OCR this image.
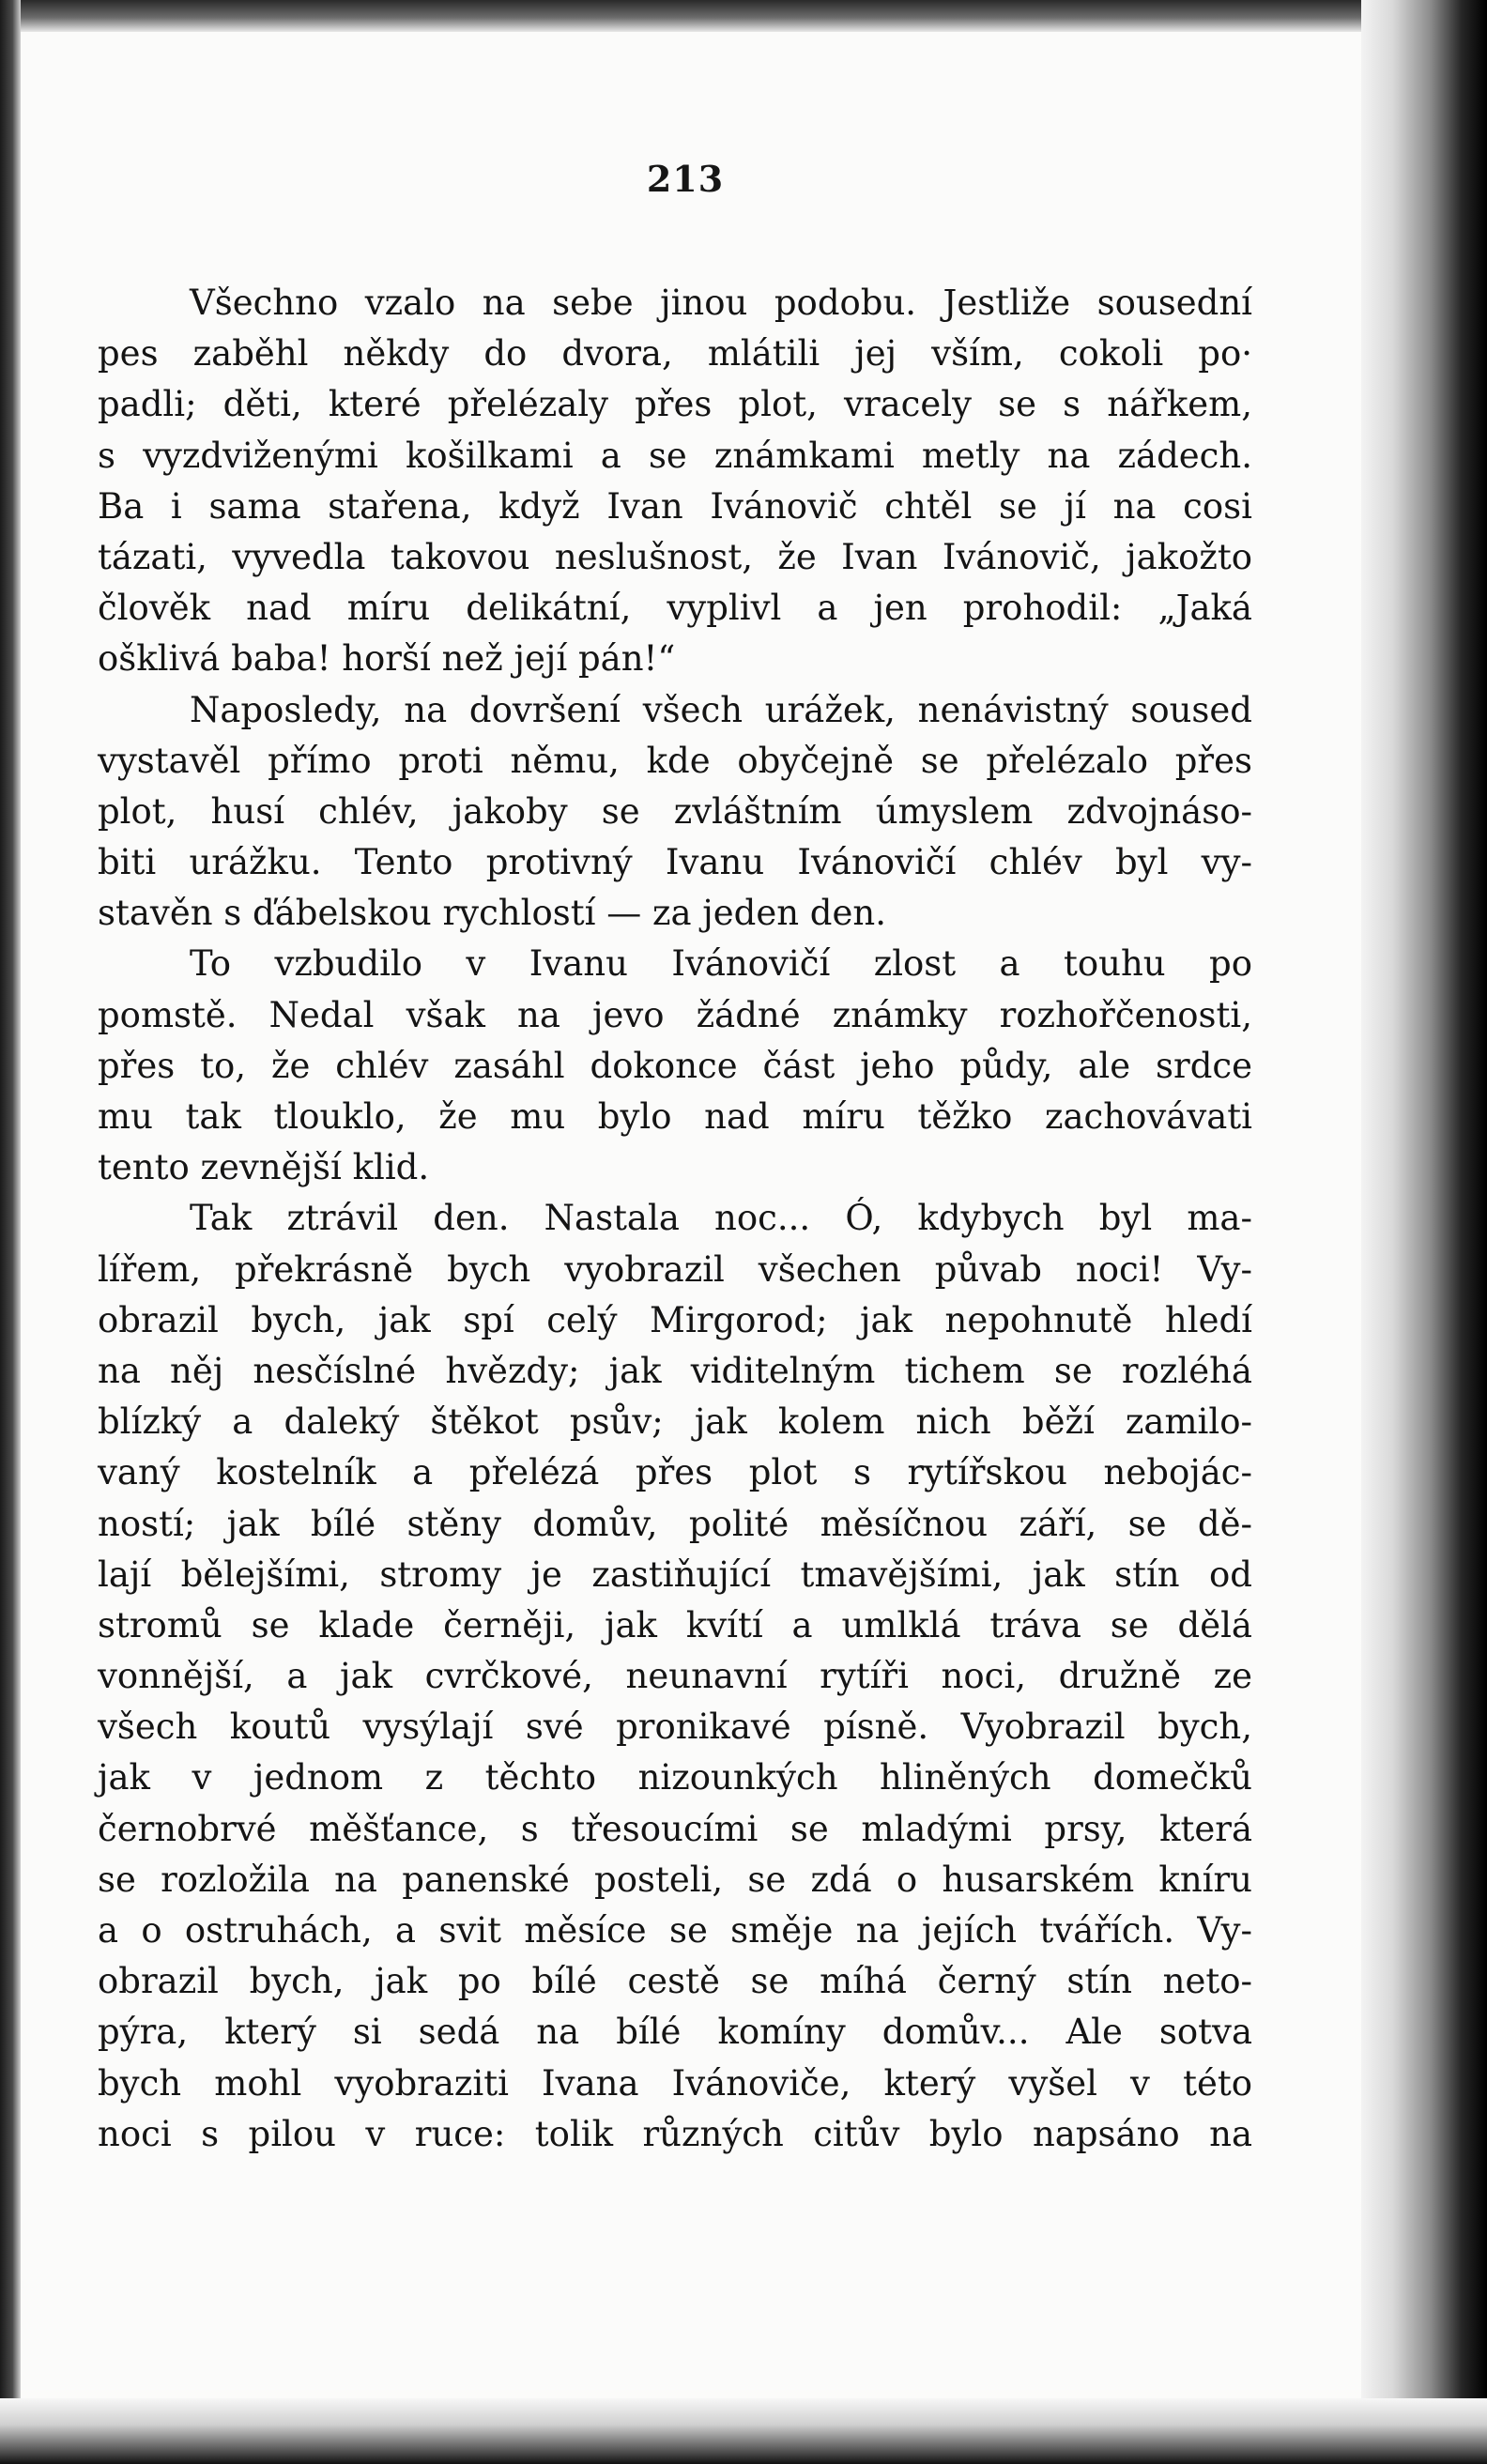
213
Všechno vzalo na sebe jinou podobu. Jestliže sousední
pes zaběhl někdy do dvora, mlátili jej vším, cokoli po·
padli; děti, které přelézaly přes plot, vracely se s nářkem,
s vyzdviženými košilkami a se známkami metly na zádech.
Ba i sama stařena, když Ivan Ivánovič chtěl se jí na cosi
tázati, vyvedla takovou neslušnost, že Ivan Ivánovič, jakožto
člověk nad míru delikátní, vyplivl a jen prohodil: „Jaká
ošklivá baba! horší než její pán!“
Naposledy, na dovršení všech urážek, nenávistný soused
vystavěl přímo proti němu, kde obyčejně se přelézalo přes
plot, husí chlév, jakoby se zvláštním úmyslem zdvojnáso-
biti urážku. Tento protivný Ivanu Ivánovičí chlév byl vy-
stavěn s ďábelskou rychlostí — za jeden den.
To vzbudilo v Ivanu Ivánovičí zlost a touhu po
pomstě. Nedal však na jevo žádné známky rozhořčenosti,
přes to, že chlév zasáhl dokonce část jeho půdy, ale srdce
mu tak tlouklo, že mu bylo nad míru těžko zachovávati
tento zevnější klid.
Tak ztrávil den. Nastala noc... Ó, kdybych byl ma-
lířem, překrásně bych vyobrazil všechen půvab noci! Vy-
obrazil bych, jak spí celý Mirgorod; jak nepohnutě hledí
na něj nesčíslné hvězdy; jak viditelným tichem se rozléhá
blízký a daleký štěkot psův; jak kolem nich běží zamilo-
vaný kostelník a přelézá přes plot s rytířskou nebojác-
ností; jak bílé stěny domův, polité měsíčnou září, se dě-
lají bělejšími, stromy je zastiňující tmavějšími, jak stín od
stromů se klade černěji, jak kvítí a umlklá tráva se dělá
vonnější, a jak cvrčkové, neunavní rytíři noci, družně ze
všech koutů vysýlají své pronikavé písně. Vyobrazil bych,
jak v jednom z těchto nizounkých hliněných domečků
černobrvé měšťance, s třesoucími se mladými prsy, která
se rozložila na panenské posteli, se zdá o husarském kníru
a o ostruhách, a svit měsíce se směje na jejích tvářích. Vy-
obrazil bych, jak po bílé cestě se míhá černý stín neto-
pýra, který si sedá na bílé komíny domův... Ale sotva
bych mohl vyobraziti Ivana Ivánoviče, který vyšel v této
noci s pilou v ruce: tolik různých citův bylo napsáno na
